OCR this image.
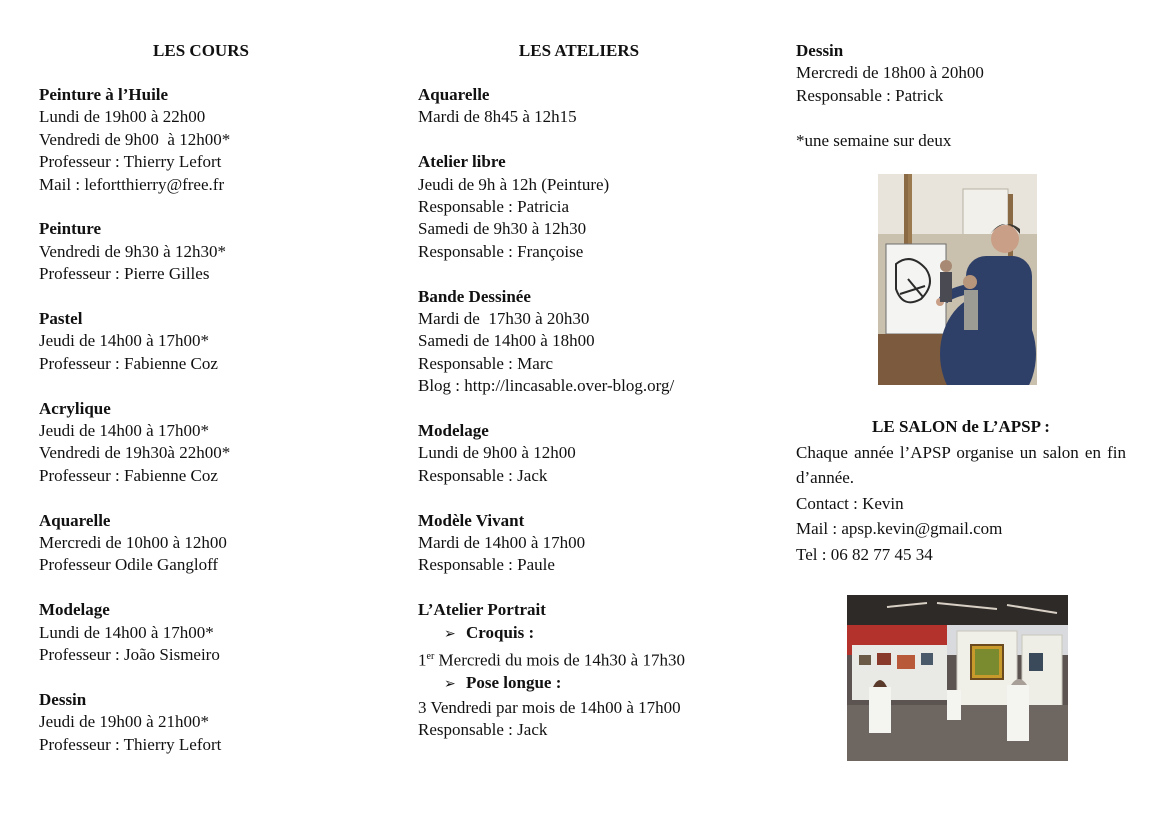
LES COURS
Peinture à l’Huile
Lundi de 19h00 à 22h00
Vendredi de 9h00  à 12h00*
Professeur : Thierry Lefort
Mail : lefortthierry@free.fr
Peinture
Vendredi de 9h30 à 12h30*
Professeur : Pierre Gilles
Pastel
Jeudi de 14h00 à 17h00*
Professeur : Fabienne Coz
Acrylique
Jeudi de 14h00 à 17h00*
Vendredi de 19h30à 22h00*
Professeur : Fabienne Coz
Aquarelle
Mercredi de 10h00 à 12h00
Professeur Odile Gangloff
Modelage
Lundi de 14h00 à 17h00*
Professeur : João Sismeiro
Dessin
Jeudi de 19h00 à 21h00*
Professeur : Thierry Lefort
LES ATELIERS
Aquarelle
Mardi de 8h45 à 12h15
Atelier libre
Jeudi de 9h à 12h (Peinture)
Responsable : Patricia
Samedi de 9h30 à 12h30
Responsable : Françoise
Bande Dessinée
Mardi de  17h30 à 20h30
Samedi de 14h00 à 18h00
Responsable : Marc
Blog : http://lincasable.over-blog.org/
Modelage
Lundi de 9h00 à 12h00
Responsable : Jack
Modèle Vivant
Mardi de 14h00 à 17h00
Responsable : Paule
L’Atelier Portrait
➢ Croquis :
1er Mercredi du mois de 14h30 à 17h30
➢ Pose longue :
3 Vendredi par mois de 14h00 à 17h00
Responsable : Jack
Dessin
Mercredi de 18h00 à 20h00
Responsable : Patrick
*une semaine sur deux
LE SALON de L’APSP :
Chaque année l’APSP organise un salon en fin d’année.
Contact : Kevin
Mail : apsp.kevin@gmail.com
Tel : 06 82 77 45 34
